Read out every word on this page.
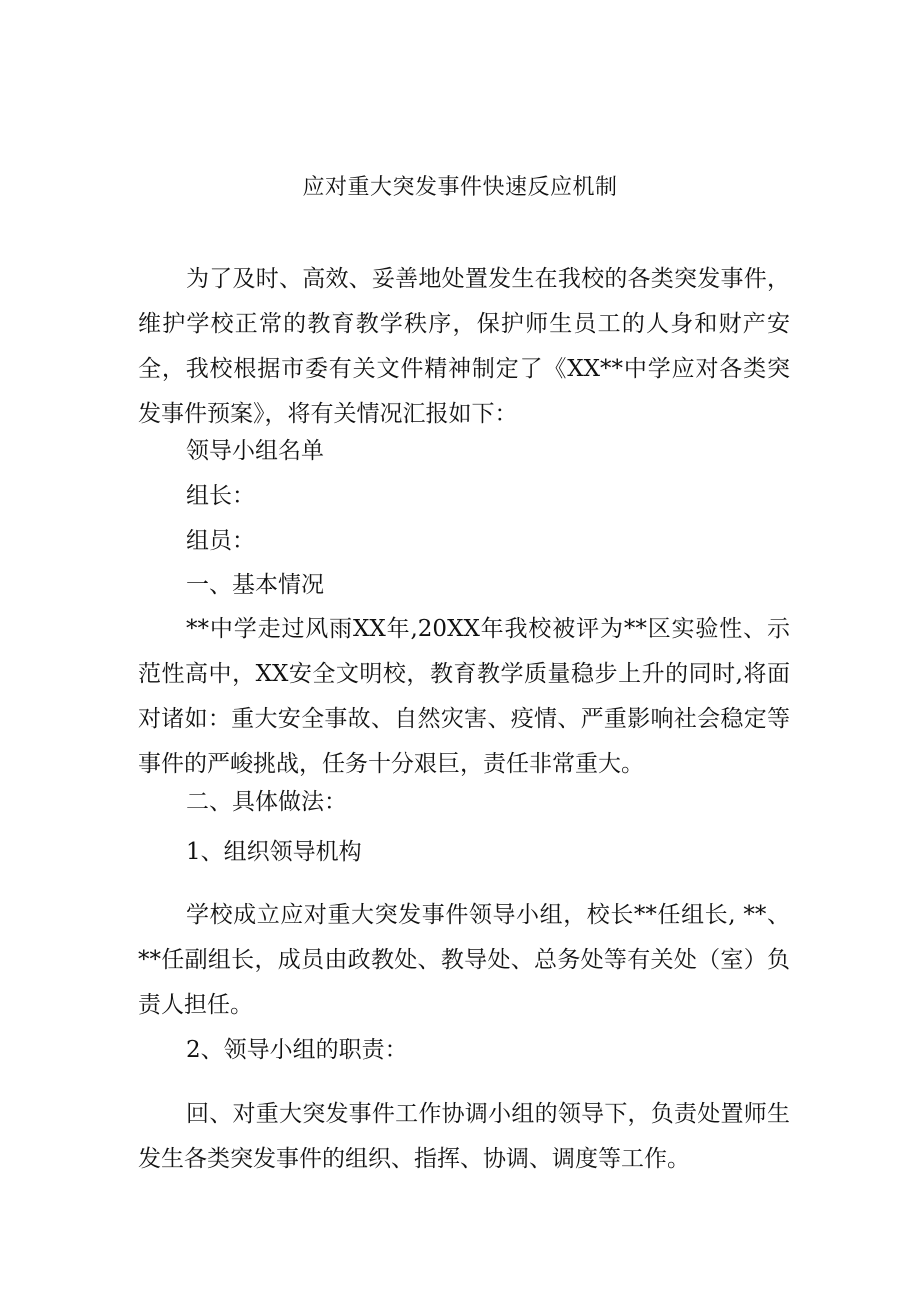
应对重大突发事件快速反应机制
为了及时、高效、妥善地处置发生在我校的各类突发事件，维护学校正常的教育教学秩序，保护师生员工的人身和财产安全，我校根据市委有关文件精神制定了《XX**中学应对各类突发事件预案》，将有关情况汇报如下：
领导小组名单
组长：
组员：
一、基本情况
**中学走过风雨XX年,20XX年我校被评为**区实验性、示范性高中，XX安全文明校，教育教学质量稳步上升的同时,将面对诸如：重大安全事故、自然灾害、疫情、严重影响社会稳定等事件的严峻挑战，任务十分艰巨，责任非常重大。
二、具体做法：
1、组织领导机构
学校成立应对重大突发事件领导小组，校长**任组长, **、**任副组长，成员由政教处、教导处、总务处等有关处（室）负责人担任。
2、领导小组的职责：
回、对重大突发事件工作协调小组的领导下，负责处置师生发生各类突发事件的组织、指挥、协调、调度等工作。
